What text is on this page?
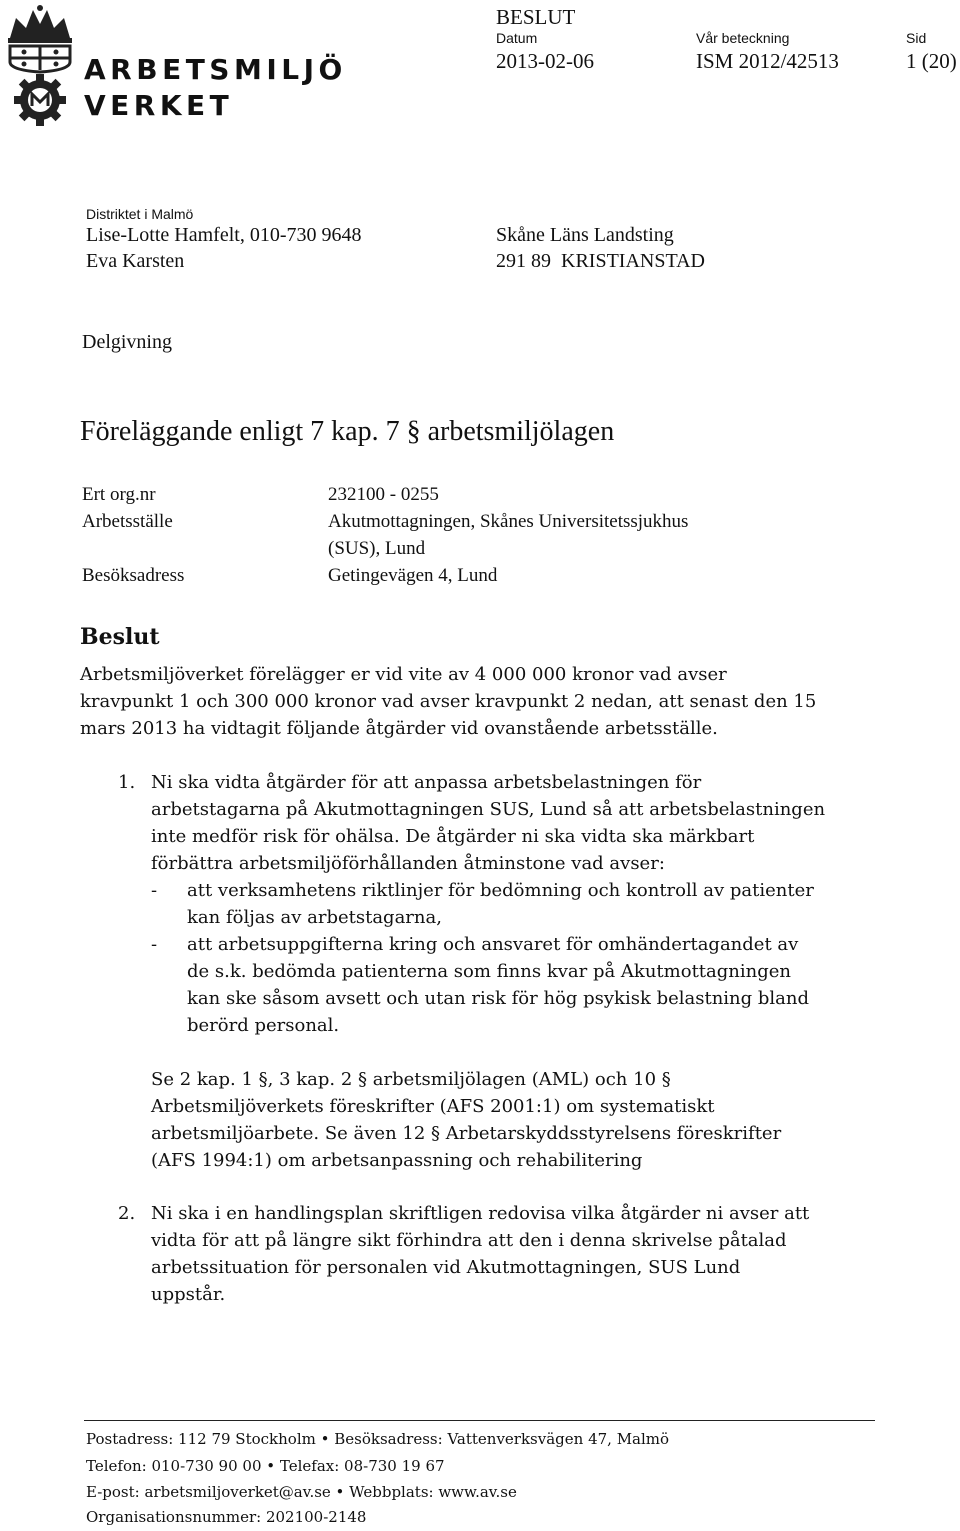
ARBETSMILJÖ
VERKET
BESLUT
Datum
2013-02-06
Vår beteckning
ISM 2012/42513
Sid
1 (20)
Distriktet i Malmö
Lise-Lotte Hamfelt, 010-730 9648
Eva Karsten
Skåne Läns Landsting
291 89  KRISTIANSTAD
Delgivning
Föreläggande enligt 7 kap. 7 § arbetsmiljölagen
Ert org.nr	232100 - 0255
Arbetsställe	Akutmottagningen, Skånes Universitetssjukhus
(SUS), Lund
Besöksadress	Getingevägen 4, Lund
Beslut
Arbetsmiljöverket förelägger er vid vite av 4 000 000 kronor vad avser
kravpunkt 1 och 300 000 kronor vad avser kravpunkt 2 nedan, att senast den 15
mars 2013 ha vidtagit följande åtgärder vid ovanstående arbetsställe.
1. Ni ska vidta åtgärder för att anpassa arbetsbelastningen för
arbetstagarna på Akutmottagningen SUS, Lund så att arbetsbelastningen
inte medför risk för ohälsa. De åtgärder ni ska vidta ska märkbart
förbättra arbetsmiljöförhållanden åtminstone vad avser:
- att verksamhetens riktlinjer för bedömning och kontroll av patienter
kan följas av arbetstagarna,
- att arbetsuppgifterna kring och ansvaret för omhändertagandet av
de s.k. bedömda patienterna som finns kvar på Akutmottagningen
kan ske såsom avsett och utan risk för hög psykisk belastning bland
berörd personal.
Se 2 kap. 1 §, 3 kap. 2 § arbetsmiljölagen (AML) och 10 §
Arbetsmiljöverkets föreskrifter (AFS 2001:1) om systematiskt
arbetsmiljöarbete. Se även 12 § Arbetarskyddsstyrelsens föreskrifter
(AFS 1994:1) om arbetsanpassning och rehabilitering
2. Ni ska i en handlingsplan skriftligen redovisa vilka åtgärder ni avser att
vidta för att på längre sikt förhindra att den i denna skrivelse påtalad
arbetssituation för personalen vid Akutmottagningen, SUS Lund
uppstår.
Postadress: 112 79 Stockholm • Besöksadress: Vattenverksvägen 47, Malmö
Telefon: 010-730 90 00 • Telefax: 08-730 19 67
E-post: arbetsmiljoverket@av.se • Webbplats: www.av.se
Organisationsnummer: 202100-2148
